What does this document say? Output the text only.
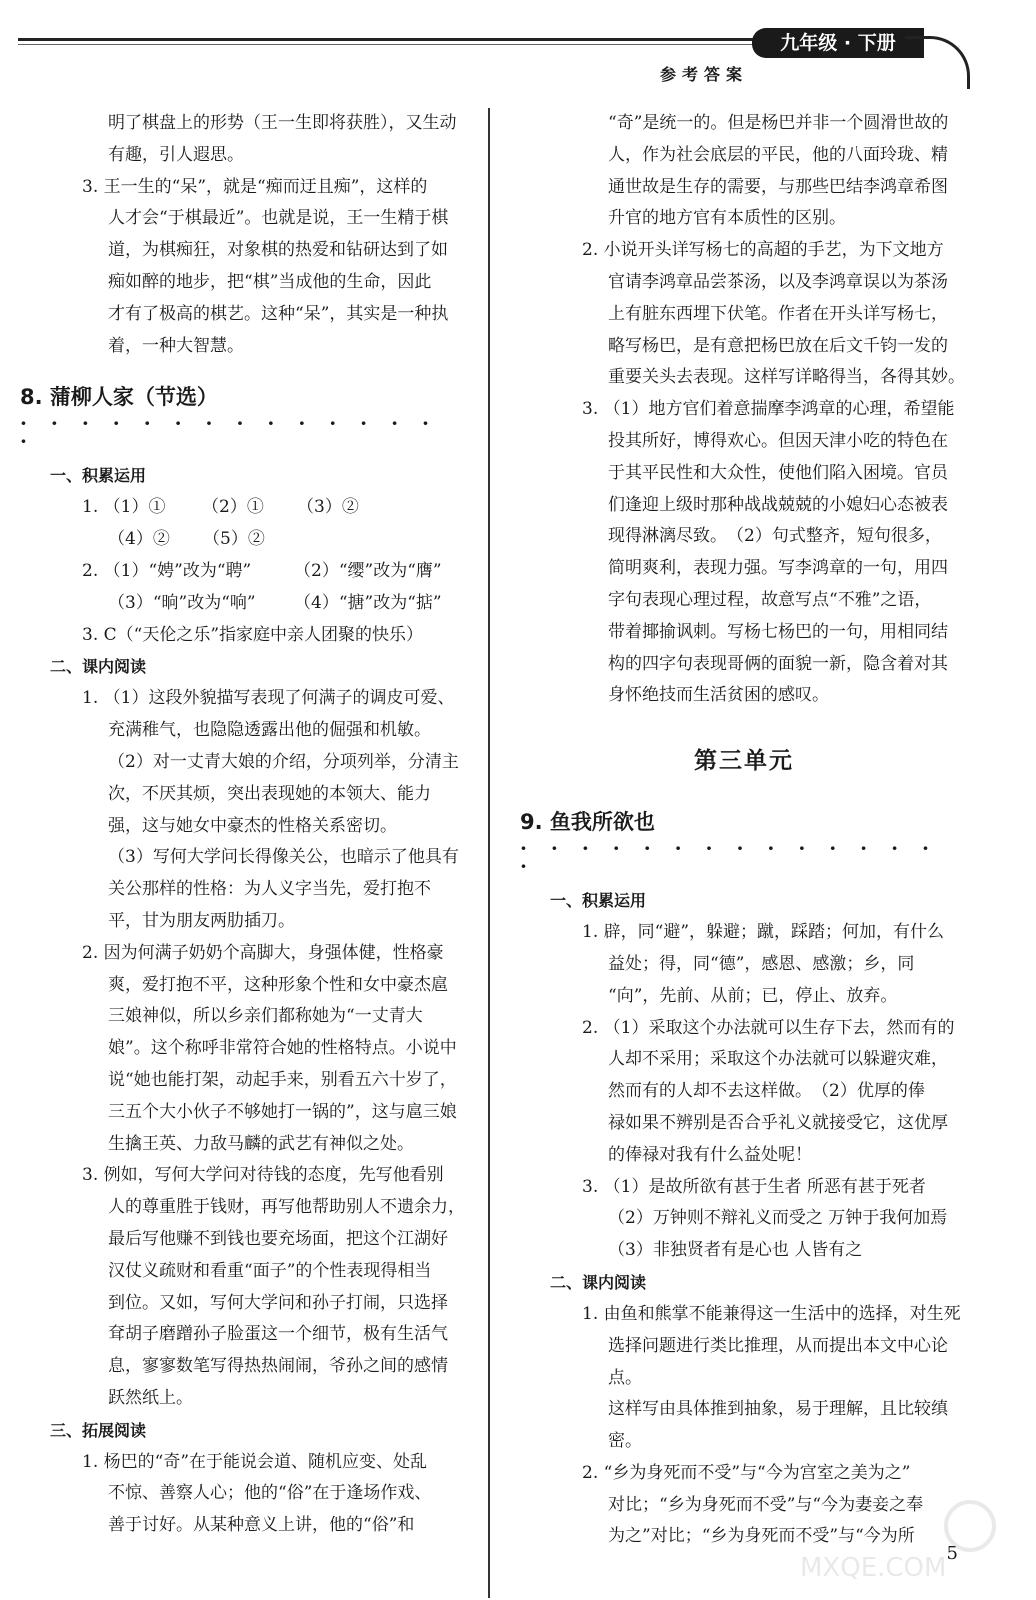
九年级 · 下册
参考答案

明了棋盘上的形势（王一生即将获胜），又生动

有趣，引人遐思。

3. 王一生的“呆”，就是“痴而迂且痴”，这样的

人才会“于棋最近”。也就是说，王一生精于棋

道，为棋痴狂，对象棋的热爱和钻研达到了如

痴如醉的地步，把“棋”当成他的生命，因此

才有了极高的棋艺。这种“呆”，其实是一种执

着，一种大智慧。

8. 蒲柳人家（节选）

· · · · · · · · · · · · · · ·

一、积累运用
1. （1）①	（2）①	（3）②
（4）②	（5）②
2. （1）“娉”改为“聘”	（2）“缨”改为“膺”
（3）“晌”改为“响”	（4）“搪”改为“掂”

3. C（“天伦之乐”指家庭中亲人团聚的快乐）

二、课内阅读

1. （1）这段外貌描写表现了何满子的调皮可爱、

充满稚气，也隐隐透露出他的倔强和机敏。

（2）对一丈青大娘的介绍，分项列举，分清主

次，不厌其烦，突出表现她的本领大、能力

强，这与她女中豪杰的性格关系密切。

（3）写何大学问长得像关公，也暗示了他具有

关公那样的性格：为人义字当先，爱打抱不

平，甘为朋友两肋插刀。

2. 因为何满子奶奶个高脚大，身强体健，性格豪

爽，爱打抱不平，这种形象个性和女中豪杰扈

三娘神似，所以乡亲们都称她为“一丈青大

娘”。这个称呼非常符合她的性格特点。小说中

说“她也能打架，动起手来，别看五六十岁了，

三五个大小伙子不够她打一锅的”，这与扈三娘

生擒王英、力敌马麟的武艺有神似之处。

3. 例如，写何大学问对待钱的态度，先写他看别

人的尊重胜于钱财，再写他帮助别人不遗余力，

最后写他赚不到钱也要充场面，把这个江湖好

汉仗义疏财和看重“面子”的个性表现得相当

到位。又如，写何大学问和孙子打闹，只选择

耷胡子磨蹭孙子脸蛋这一个细节，极有生活气

息，寥寥数笔写得热热闹闹，爷孙之间的感情

跃然纸上。

三、拓展阅读

1. 杨巴的“奇”在于能说会道、随机应变、处乱

不惊、善察人心；他的“俗”在于逢场作戏、

善于讨好。从某种意义上讲，他的“俗”和

“奇”是统一的。但是杨巴并非一个圆滑世故的

人，作为社会底层的平民，他的八面玲珑、精

通世故是生存的需要，与那些巴结李鸿章希图

升官的地方官有本质性的区别。

2. 小说开头详写杨七的高超的手艺，为下文地方

官请李鸿章品尝茶汤，以及李鸿章误以为茶汤

上有脏东西埋下伏笔。作者在开头详写杨七，

略写杨巴，是有意把杨巴放在后文千钧一发的

重要关头去表现。这样写详略得当，各得其妙。

3. （1）地方官们着意揣摩李鸿章的心理，希望能

投其所好，博得欢心。但因天津小吃的特色在

于其平民性和大众性，使他们陷入困境。官员

们逢迎上级时那种战战兢兢的小媳妇心态被表

现得淋漓尽致。　（2）句式整齐，短句很多，

简明爽利，表现力强。写李鸿章的一句，用四

字句表现心理过程，故意写点“不雅”之语，

带着揶揄讽刺。写杨七杨巴的一句，用相同结

构的四字句表现哥俩的面貌一新，隐含着对其

身怀绝技而生活贫困的感叹。

第三单元

9. 鱼我所欲也

· · · · · · · · · · · · · · ·

一、积累运用

1. 辟，同“避”，躲避；蹴，踩踏；何加，有什么

益处；得，同“德”，感恩、感激；乡，同

“向”，先前、从前；已，停止、放弃。

2. （1）采取这个办法就可以生存下去，然而有的

人却不采用；采取这个办法就可以躲避灾难，

然而有的人却不去这样做。　（2）优厚的俸

禄如果不辨别是否合乎礼义就接受它，这优厚

的俸禄对我有什么益处呢！

3. （1）是故所欲有甚于生者 所恶有甚于死者

（2）万钟则不辩礼义而受之 万钟于我何加焉

（3）非独贤者有是心也 人皆有之

二、课内阅读

1. 由鱼和熊掌不能兼得这一生活中的选择，对生死

选择问题进行类比推理，从而提出本文中心论点。

这样写由具体推到抽象，易于理解，且比较缜密。

2. “乡为身死而不受”与“今为宫室之美为之”

对比；“乡为身死而不受”与“今为妻妾之奉

为之”对比；“乡为身死而不受”与“今为所

5
MXQE.COM
